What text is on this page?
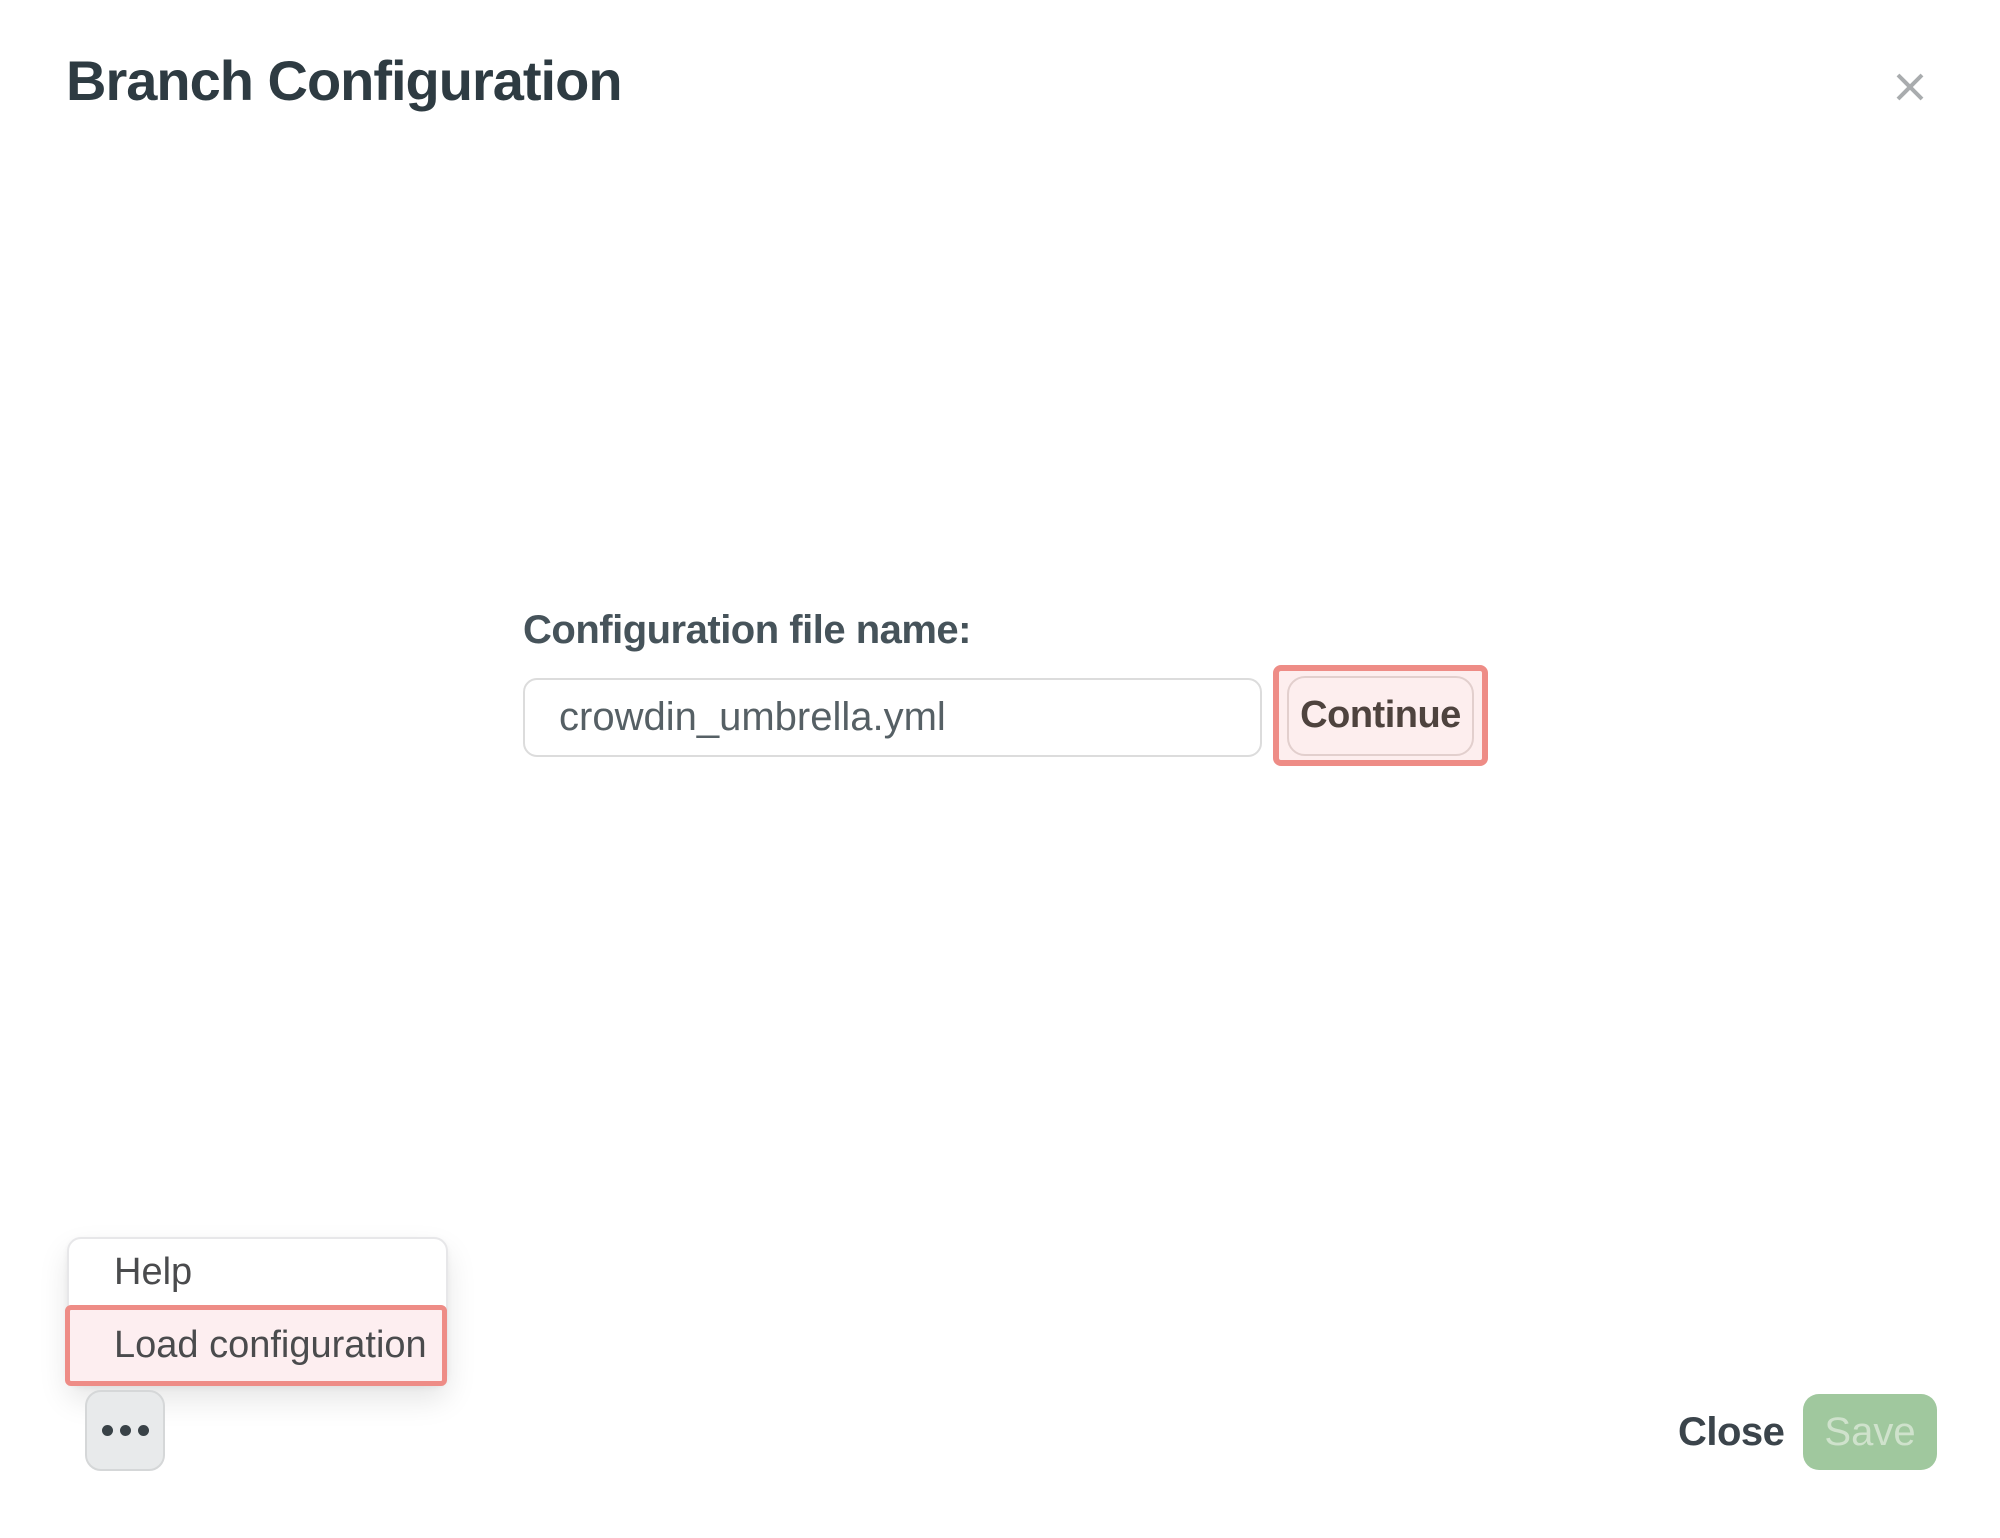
Branch Configuration
Configuration file name:
crowdin_umbrella.yml
Continue
Help
Load configuration
Close Save
